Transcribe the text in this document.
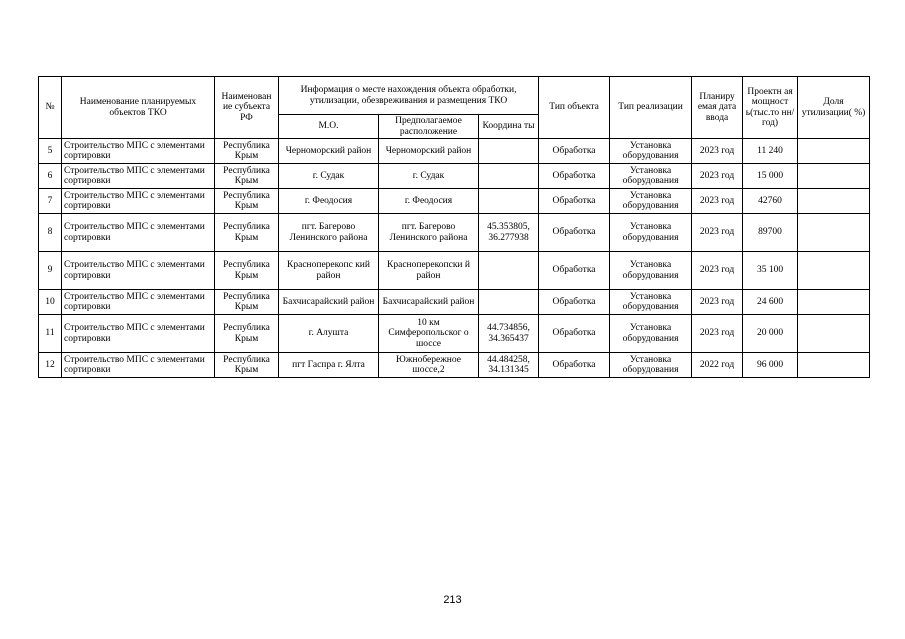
№	Наименование планируемых объектов ТКО	Наименован ие субъекта РФ	Информация о месте нахождения объекта обработки, утилизации, обезвреживания и размещения ТКО			Тип объекта	Тип реализации	Планиру емая дата ввода	Проектн ая мощност ь(тыс.то нн/год)	Доля утилизации( %)
			М.О.	Предполагаемое расположение	Координа ты					
5	Строительство МПС с элементами сортировки	Республика Крым	Черноморский район	Черноморский район		Обработка	Установка оборудования	2023 год	11 240	
6	Строительство МПС с элементами сортировки	Республика Крым	г. Судак	г. Судак		Обработка	Установка оборудования	2023 год	15 000	
7	Строительство МПС с элементами сортировки	Республика Крым	г. Феодосия	г. Феодосия		Обработка	Установка оборудования	2023 год	42760	
8	Строительство МПС с элементами сортировки	Республика Крым	пгт. Багерово Ленинского района	пгт. Багерово Ленинского района	45.353805, 36.277938	Обработка	Установка оборудования	2023 год	89700	
9	Строительство МПС с элементами сортировки	Республика Крым	Красноперекопс кий район	Красноперекопски й район		Обработка	Установка оборудования	2023 год	35 100	
10	Строительство МПС с элементами сортировки	Республика Крым	Бахчисарайский район	Бахчисарайский район		Обработка	Установка оборудования	2023 год	24 600	
11	Строительство МПС с элементами сортировки	Республика Крым	г. Алушта	10 км Симферопольског о шоссе	44.734856, 34.365437	Обработка	Установка оборудования	2023 год	20 000	
12	Строительство МПС с элементами сортировки	Республика Крым	пгт Гаспра г. Ялта	Южнобережное шоссе,2	44.484258, 34.131345	Обработка	Установка оборудования	2022 год	96 000	
213
